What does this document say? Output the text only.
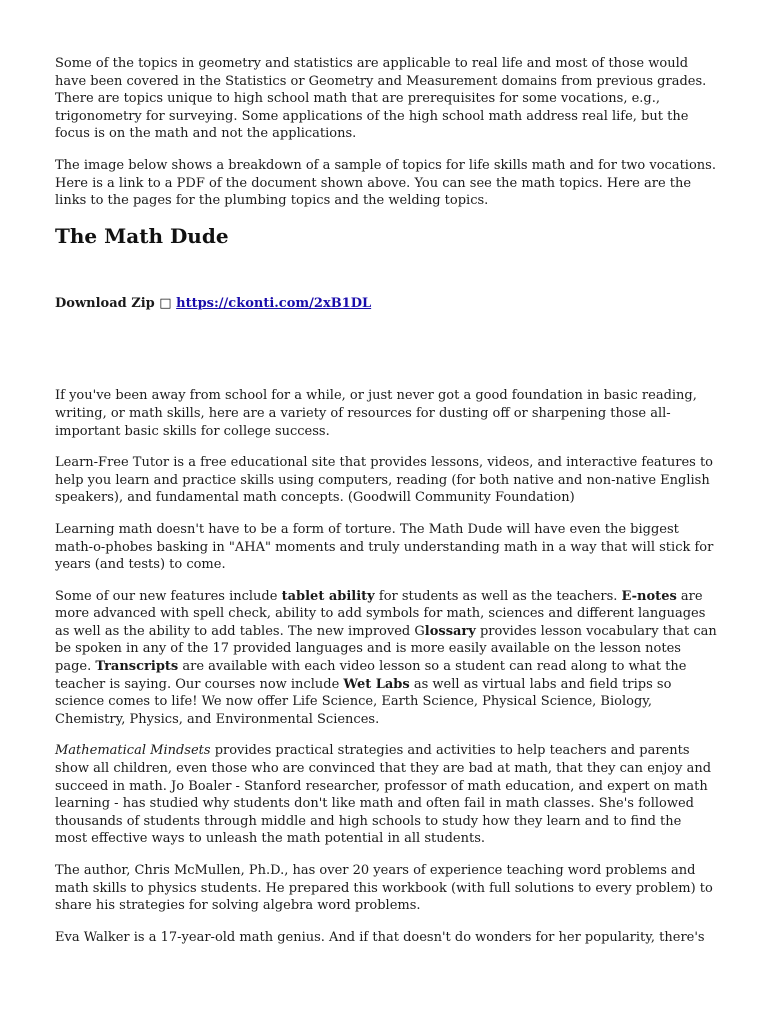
Some of the topics in geometry and statistics are applicable to real life and most of those would have been covered in the Statistics or Geometry and Measurement domains from previous grades. There are topics unique to high school math that are prerequisites for some vocations, e.g., trigonometry for surveying. Some applications of the high school math address real life, but the focus is on the math and not the applications.

The image below shows a breakdown of a sample of topics for life skills math and for two vocations. Here is a link to a PDF of the document shown above. You can see the math topics. Here are the links to the pages for the plumbing topics and the welding topics.

The Math Dude
Download Zip □ https://ckonti.com/2xB1DL

If you've been away from school for a while, or just never got a good foundation in basic reading, writing, or math skills, here are a variety of resources for dusting off or sharpening those all-important basic skills for college success.

Learn-Free Tutor is a free educational site that provides lessons, videos, and interactive features to help you learn and practice skills using computers, reading (for both native and non-native English speakers), and fundamental math concepts. (Goodwill Community Foundation)

Learning math doesn't have to be a form of torture. The Math Dude will have even the biggest math-o-phobes basking in "AHA" moments and truly understanding math in a way that will stick for years (and tests) to come.

Some of our new features include tablet ability for students as well as the teachers. E-notes are more advanced with spell check, ability to add symbols for math, sciences and different languages as well as the ability to add tables. The new improved Glossary provides lesson vocabulary that can be spoken in any of the 17 provided languages and is more easily available on the lesson notes page. Transcripts are available with each video lesson so a student can read along to what the teacher is saying. Our courses now include Wet Labs as well as virtual labs and field trips so science comes to life! We now offer Life Science, Earth Science, Physical Science, Biology, Chemistry, Physics, and Environmental Sciences.

Mathematical Mindsets provides practical strategies and activities to help teachers and parents show all children, even those who are convinced that they are bad at math, that they can enjoy and succeed in math. Jo Boaler - Stanford researcher, professor of math education, and expert on math learning - has studied why students don't like math and often fail in math classes. She's followed thousands of students through middle and high schools to study how they learn and to find the most effective ways to unleash the math potential in all students.

The author, Chris McMullen, Ph.D., has over 20 years of experience teaching word problems and math skills to physics students. He prepared this workbook (with full solutions to every problem) to share his strategies for solving algebra word problems.

Eva Walker is a 17-year-old math genius. And if that doesn't do wonders for her popularity, there's
